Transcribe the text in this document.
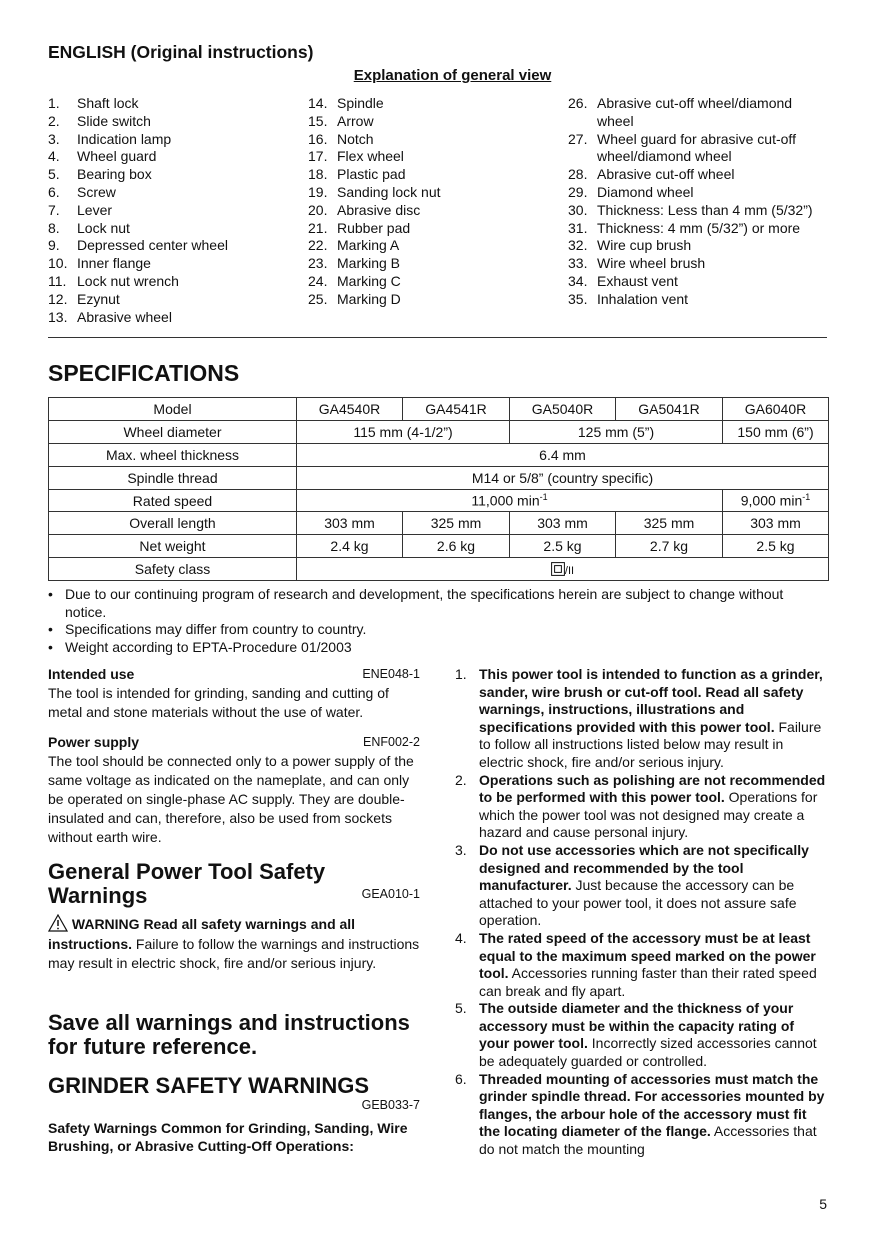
ENGLISH (Original instructions)
Explanation of general view
1.	Shaft lock
2.	Slide switch
3.	Indication lamp
4.	Wheel guard
5.	Bearing box
6.	Screw
7.	Lever
8.	Lock nut
9.	Depressed center wheel
10. Inner flange
11. Lock nut wrench
12. Ezynut
13. Abrasive wheel
14. Spindle
15. Arrow
16. Notch
17. Flex wheel
18. Plastic pad
19. Sanding lock nut
20. Abrasive disc
21. Rubber pad
22. Marking A
23. Marking B
24. Marking C
25. Marking D
26. Abrasive cut-off wheel/diamond wheel
27. Wheel guard for abrasive cut-off wheel/diamond wheel
28. Abrasive cut-off wheel
29. Diamond wheel
30. Thickness: Less than 4 mm (5/32”)
31. Thickness: 4 mm (5/32”) or more
32. Wire cup brush
33. Wire wheel brush
34. Exhaust vent
35. Inhalation vent
SPECIFICATIONS
Model	GA4540R	GA4541R	GA5040R	GA5041R	GA6040R
Wheel diameter	115 mm (4-1/2”)		125 mm (5”)		150 mm (6”)
Max. wheel thickness	6.4 mm				
Spindle thread	M14 or 5/8” (country specific)				
Rated speed	11,000 $\min^{-1}$				9,000 $\min^{-1}$
Overall length	303 mm	325 mm	303 mm	325 mm	303 mm
Net weight	2.4 kg	2.6 kg	2.5 kg	2.7 kg	2.5 kg
Safety class	/II				
• Due to our continuing program of research and development, the specifications herein are subject to change without notice.
• Specifications may differ from country to country.
• Weight according to EPTA-Procedure 01/2003
Intended use	ENE048-1
The tool is intended for grinding, sanding and cutting of metal and stone materials without the use of water.
Power supply	ENF002-2
The tool should be connected only to a power supply of the same voltage as indicated on the nameplate, and can only be operated on single-phase AC supply. They are double-insulated and can, therefore, also be used from sockets without earth wire.
General Power Tool Safety Warnings	GEA010-1
WARNING Read all safety warnings and all instructions. Failure to follow the warnings and instructions may result in electric shock, fire and/or serious injury.
Save all warnings and instructions for future reference.
GRINDER SAFETY WARNINGS
GEB033-7
Safety Warnings Common for Grinding, Sanding, Wire Brushing, or Abrasive Cutting-Off Operations:
1. This power tool is intended to function as a grinder, sander, wire brush or cut-off tool. Read all safety warnings, instructions, illustrations and specifications provided with this power tool. Failure to follow all instructions listed below may result in electric shock, fire and/or serious injury.
2. Operations such as polishing are not recommended to be performed with this power tool. Operations for which the power tool was not designed may create a hazard and cause personal injury.
3. Do not use accessories which are not specifically designed and recommended by the tool manufacturer. Just because the accessory can be attached to your power tool, it does not assure safe operation.
4. The rated speed of the accessory must be at least equal to the maximum speed marked on the power tool. Accessories running faster than their rated speed can break and fly apart.
5. The outside diameter and the thickness of your accessory must be within the capacity rating of your power tool. Incorrectly sized accessories cannot be adequately guarded or controlled.
6. Threaded mounting of accessories must match the grinder spindle thread. For accessories mounted by flanges, the arbour hole of the accessory must fit the locating diameter of the flange. Accessories that do not match the mounting
5
